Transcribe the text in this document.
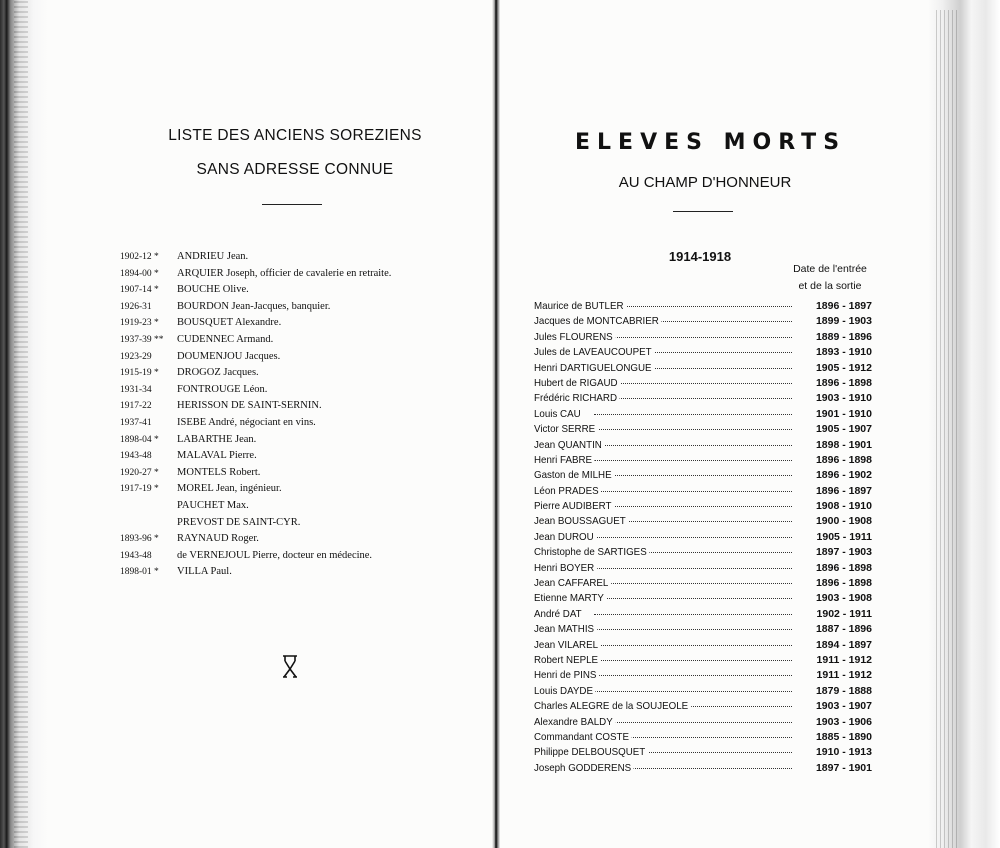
LISTE DES ANCIENS SOREZIENS
SANS ADRESSE CONNUE
1902-12 * ANDRIEU Jean.
1894-00 * ARQUIER Joseph, officier de cavalerie en retraite.
1907-14 * BOUCHE Olive.
1926-31 BOURDON Jean-Jacques, banquier.
1919-23 * BOUSQUET Alexandre.
1937-39 ** CUDENNEC Armand.
1923-29 DOUMENJOU Jacques.
1915-19 * DROGOZ Jacques.
1931-34 FONTROUGE Léon.
1917-22 HERISSON DE SAINT-SERNIN.
1937-41 ISEBE André, négociant en vins.
1898-04 * LABARTHE Jean.
1943-48 MALAVAL Pierre.
1920-27 * MONTELS Robert.
1917-19 * MOREL Jean, ingénieur.
PAUCHET Max.
PREVOST DE SAINT-CYR.
1893-96 * RAYNAUD Roger.
1943-48 de VERNEJOUL Pierre, docteur en médecine.
1898-01 * VILLA Paul.
ELEVES MORTS
AU CHAMP D'HONNEUR
1914-1918
Date de l'entrée
et de la sortie
Maurice de BUTLER	1896 - 1897
Jacques de MONTCABRIER	1899 - 1903
Jules FLOURENS	1889 - 1896
Jules de LAVEAUCOUPET	1893 - 1910
Henri DARTIGUELONGUE	1905 - 1912
Hubert de RIGAUD	1896 - 1898
Frédéric RICHARD	1903 - 1910
Louis CAU	1901 - 1910
Victor SERRE	1905 - 1907
Jean QUANTIN	1898 - 1901
Henri FABRE	1896 - 1898
Gaston de MILHE	1896 - 1902
Léon PRADES	1896 - 1897
Pierre AUDIBERT	1908 - 1910
Jean BOUSSAGUET	1900 - 1908
Jean DUROU	1905 - 1911
Christophe de SARTIGES	1897 - 1903
Henri BOYER	1896 - 1898
Jean CAFFAREL	1896 - 1898
Etienne MARTY	1903 - 1908
André DAT	1902 - 1911
Jean MATHIS	1887 - 1896
Jean VILAREL	1894 - 1897
Robert NEPLE	1911 - 1912
Henri de PINS	1911 - 1912
Louis DAYDE	1879 - 1888
Charles ALEGRE de la SOUJEOLE	1903 - 1907
Alexandre BALDY	1903 - 1906
Commandant COSTE	1885 - 1890
Philippe DELBOUSQUET	1910 - 1913
Joseph GODDERENS	1897 - 1901
